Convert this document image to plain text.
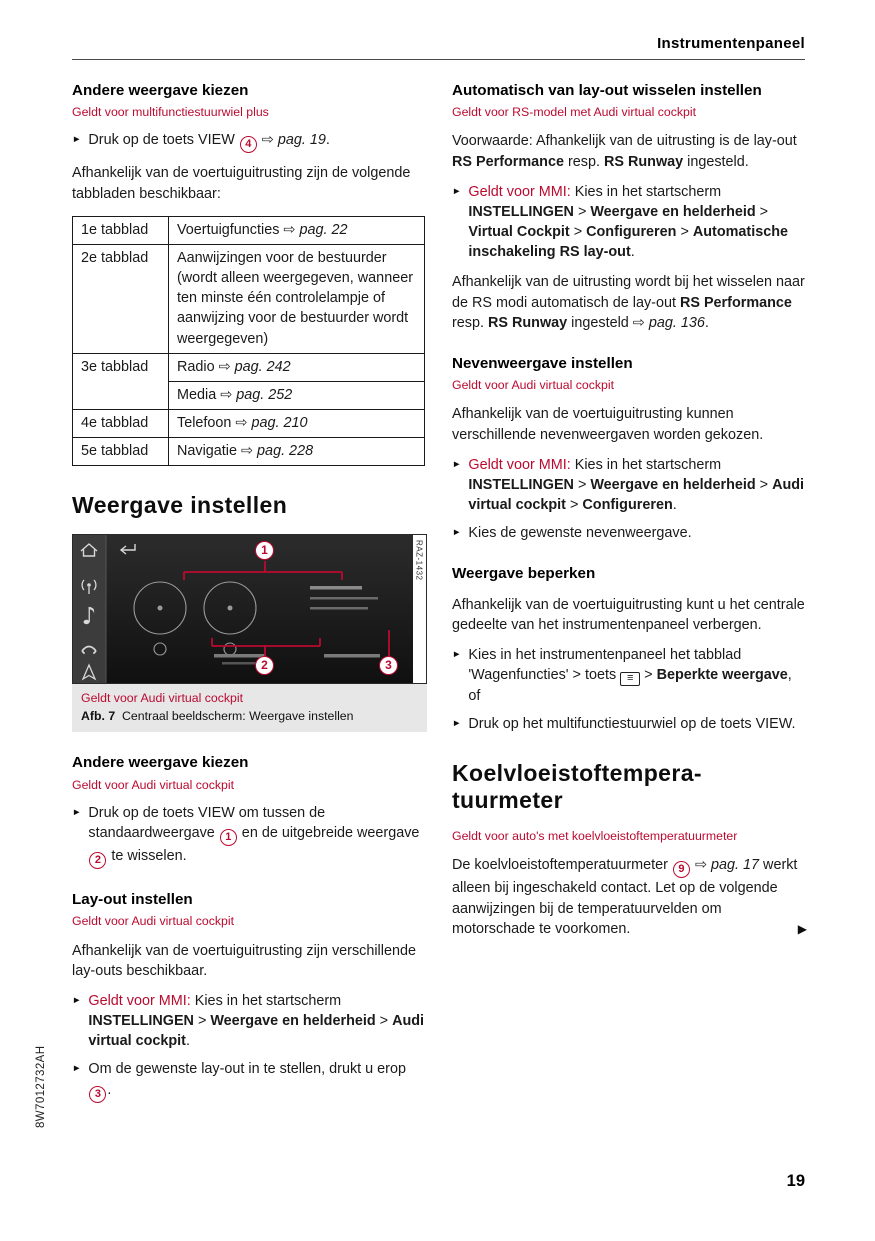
Instrumentenpaneel
Andere weergave kiezen
Geldt voor multifunctiestuurwiel plus
► Druk op de toets VIEW 4 ⇨ pag. 19.

Afhankelijk van de voertuiguitrusting zijn de volgende tabbladen beschikbaar:

1e tabblad	Voertuigfuncties ⇨ pag. 22
2e tabblad	Aanwijzingen voor de bestuurder (wordt alleen weergegeven, wanneer ten minste één controlelampje of aanwijzing voor de bestuurder wordt weergegeven)
3e tabblad	Radio ⇨ pag. 242
	Media ⇨ pag. 252
4e tabblad	Telefoon ⇨ pag. 210
5e tabblad	Navigatie ⇨ pag. 228
Weergave instellen
1
2	3
RAZ-1432
Geldt voor Audi virtual cockpit
Afb. 7  Centraal beeldscherm: Weergave instellen
Andere weergave kiezen
Geldt voor Audi virtual cockpit
► Druk op de toets VIEW om tussen de standaardweergave 1 en de uitgebreide weergave 2 te wisselen.
Lay-out instellen
Geldt voor Audi virtual cockpit

Afhankelijk van de voertuiguitrusting zijn verschillende lay-outs beschikbaar.

► Geldt voor MMI: Kies in het startscherm INSTELLINGEN > Weergave en helderheid > Audi virtual cockpit.
► Om de gewenste lay-out in te stellen, drukt u erop 3 .
Automatisch van lay-out wisselen instellen
Geldt voor RS-model met Audi virtual cockpit

Voorwaarde: Afhankelijk van de uitrusting is de lay-out RS Performance resp. RS Runway ingesteld.

► Geldt voor MMI: Kies in het startscherm INSTELLINGEN > Weergave en helderheid > Virtual Cockpit > Configureren > Automatische inschakeling RS lay-out.

Afhankelijk van de uitrusting wordt bij het wisselen naar de RS modi automatisch de lay-out RS Performance resp. RS Runway ingesteld ⇨ pag. 136.

Nevenweergave instellen
Geldt voor Audi virtual cockpit

Afhankelijk van de voertuiguitrusting kunnen verschillende nevenweergaven worden gekozen.

► Geldt voor MMI: Kies in het startscherm INSTELLINGEN > Weergave en helderheid > Audi virtual cockpit > Configureren.
► Kies de gewenste nevenweergave.
Weergave beperken

Afhankelijk van de voertuiguitrusting kunt u het centrale gedeelte van het instrumentenpaneel verbergen.

► Kies in het instrumentenpaneel het tabblad 'Wagenfuncties' > toets ≡ > Beperkte weergave, of
► Druk op het multifunctiestuurwiel op de toets VIEW.
Koelvloeistoftempera-
tuurmeter
Geldt voor auto's met koelvloeistoftemperatuurmeter

De koelvloeistoftemperatuurmeter 9 ⇨ pag. 17 werkt alleen bij ingeschakeld contact. Let op de volgende aanwijzingen bij de temperatuurvelden om motorschade te voorkomen.	▶
8W7012732AH
19
